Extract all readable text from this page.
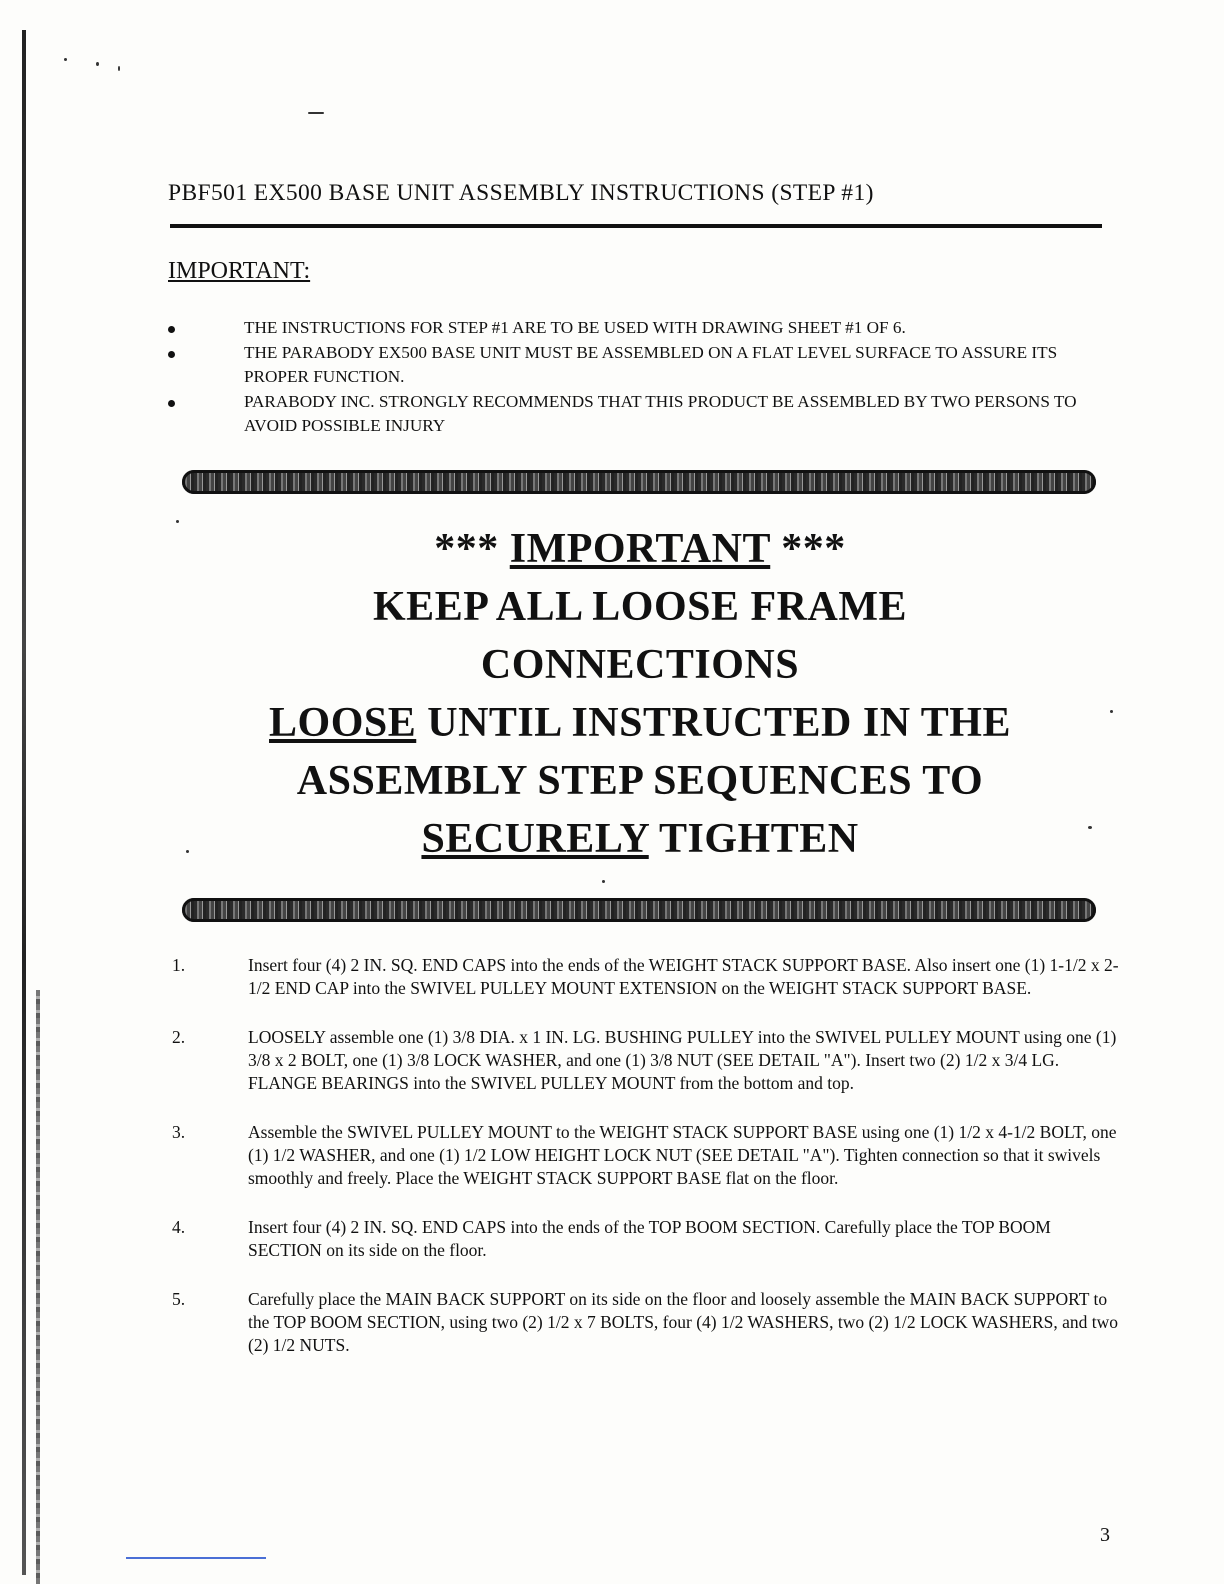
PBF501 EX500 BASE UNIT ASSEMBLY INSTRUCTIONS (STEP #1)
IMPORTANT:
THE INSTRUCTIONS FOR STEP #1 ARE TO BE USED WITH DRAWING SHEET #1 OF 6.
THE PARABODY EX500 BASE UNIT MUST BE ASSEMBLED ON A FLAT LEVEL SURFACE TO ASSURE ITS PROPER FUNCTION.
PARABODY INC. STRONGLY RECOMMENDS THAT THIS PRODUCT BE ASSEMBLED BY TWO PERSONS TO AVOID POSSIBLE INJURY
*** IMPORTANT ***
KEEP ALL LOOSE FRAME
CONNECTIONS
LOOSE UNTIL INSTRUCTED IN THE
ASSEMBLY STEP SEQUENCES TO
SECURELY TIGHTEN
1.	Insert four (4) 2 IN. SQ. END CAPS into the ends of the WEIGHT STACK SUPPORT BASE. Also insert one (1) 1-1/2 x 2-1/2 END CAP into the SWIVEL PULLEY MOUNT EXTENSION on the WEIGHT STACK SUPPORT BASE.
2.	LOOSELY assemble one (1) 3/8 DIA. x 1 IN. LG. BUSHING PULLEY into the SWIVEL PULLEY MOUNT using one (1) 3/8 x 2 BOLT, one (1) 3/8 LOCK WASHER, and one (1) 3/8 NUT (SEE DETAIL "A"). Insert two (2) 1/2 x 3/4 LG. FLANGE BEARINGS into the SWIVEL PULLEY MOUNT from the bottom and top.
3.	Assemble the SWIVEL PULLEY MOUNT to the WEIGHT STACK SUPPORT BASE using one (1) 1/2 x 4-1/2 BOLT, one (1) 1/2 WASHER, and one (1) 1/2 LOW HEIGHT LOCK NUT (SEE DETAIL "A"). Tighten connection so that it swivels smoothly and freely. Place the WEIGHT STACK SUPPORT BASE flat on the floor.
4.	Insert four (4) 2 IN. SQ. END CAPS into the ends of the TOP BOOM SECTION. Carefully place the TOP BOOM SECTION on its side on the floor.
5.	Carefully place the MAIN BACK SUPPORT on its side on the floor and loosely assemble the MAIN BACK SUPPORT to the TOP BOOM SECTION, using two (2) 1/2 x 7 BOLTS, four (4) 1/2 WASHERS, two (2) 1/2 LOCK WASHERS, and two (2) 1/2 NUTS.
3
